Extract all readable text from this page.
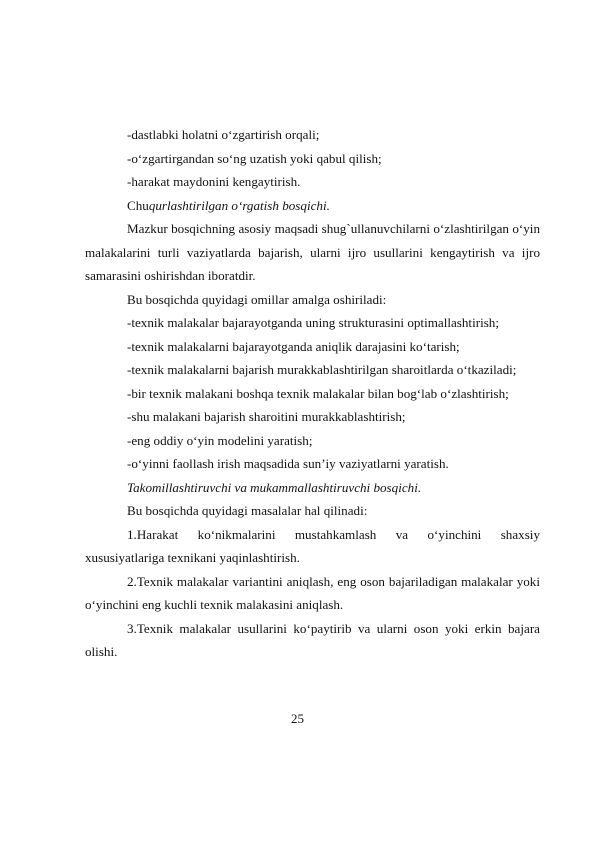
-dastlabki holatni o‘zgartirish orqali;

-o‘zgartirgandan so‘ng uzatish yoki qabul qilish;

-harakat maydonini kengaytirish.

Chuqurlashtirilgan o‘rgatish bosqichi.

Mazkur bosqichning asosiy maqsadi shug`ullanuvchilarni o‘zlashtirilgan o‘yin malakalarini turli vaziyatlarda bajarish, ularni ijro usullarini kengaytirish va ijro samarasini oshirishdan iboratdir.

Bu bosqichda quyidagi omillar amalga oshiriladi:

-texnik malakalar bajarayotganda uning strukturasini optimallashtirish;

-texnik malakalarni bajarayotganda aniqlik darajasini ko‘tarish;

-texnik malakalarni bajarish murakkablashtirilgan sharoitlarda o‘tkaziladi;

-bir texnik malakani boshqa texnik malakalar bilan bog‘lab o‘zlashtirish;

-shu malakani bajarish sharoitini murakkablashtirish;

-eng oddiy o‘yin modelini yaratish;

-o‘yinni faollash irish maqsadida sun’iy vaziyatlarni yaratish.

Takomillashtiruvchi va mukammallashtiruvchi bosqichi.

Bu bosqichda quyidagi masalalar hal qilinadi:

1.Harakat ko‘nikmalarini mustahkamlash va o‘yinchini shaxsiy xususiyatlariga texnikani yaqinlashtirish.

2.Texnik malakalar variantini aniqlash, eng oson bajariladigan malakalar yoki o‘yinchini eng kuchli texnik malakasini aniqlash.

3.Texnik malakalar usullarini ko‘paytirib va ularni oson yoki erkin bajara olishi.

25
